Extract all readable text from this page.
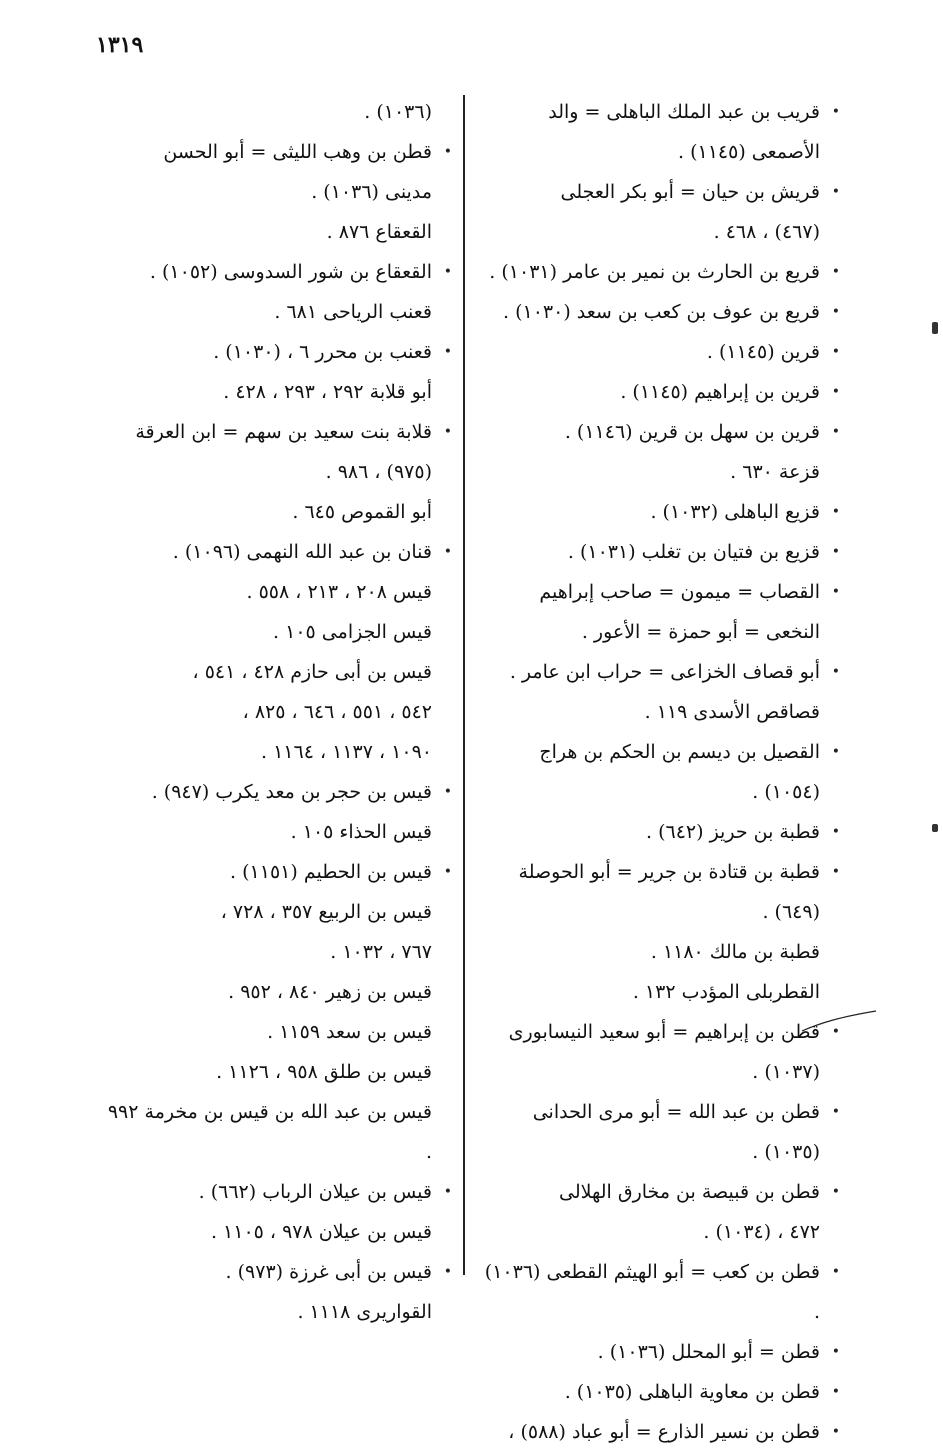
١٣١٩
•
قريب بن عبد الملك الباهلى = والد
الأصمعى (١١٤٥) .
•
قريش بن حيان = أبو بكر العجلى
(٤٦٧) ، ٤٦٨ .
•
قريع بن الحارث بن نمير بن عامر (١٠٣١) .
•
قريع بن عوف بن كعب بن سعد (١٠٣٠) .
•
قرين (١١٤٥) .
•
قرين بن إبراهيم (١١٤٥) .
•
قرين بن سهل بن قرين (١١٤٦) .
قزعة ٦٣٠ .
•
قزيع الباهلى (١٠٣٢) .
•
قزيع بن فتيان بن تغلب (١٠٣١) .
•
القصاب = ميمون = صاحب إبراهيم
النخعى = أبو حمزة = الأعور .
•
أبو قصاف الخزاعى = حراب ابن عامر .
قصاقص الأسدى ١١٩ .
•
القصيل بن ديسم بن الحكم بن هراج (١٠٥٤) .
•
قطبة بن حريز (٦٤٢) .
•
قطبة بن قتادة بن جرير = أبو الحوصلة (٦٤٩) .
قطبة بن مالك ١١٨٠ .
القطربلى المؤدب ١٣٢ .
•
قطن بن إبراهيم = أبو سعيد النيسابورى
(١٠٣٧) .
•
قطن بن عبد الله = أبو مرى الحدانى (١٠٣٥) .
•
قطن بن قبيصة بن مخارق الهلالى
٤٧٢ ، (١٠٣٤) .
•
قطن بن كعب = أبو الهيثم القطعى (١٠٣٦) .
•
قطن = أبو المحلل (١٠٣٦) .
•
قطن بن معاوية الباهلى (١٠٣٥) .
•
قطن بن نسير الذارع = أبو عباد (٥٨٨) ،
(١٠٣٦) .
•
قطن بن وهب الليثى = أبو الحسن
مدينى (١٠٣٦) .
القعقاع ٨٧٦ .
•
القعقاع بن شور السدوسى (١٠٥٢) .
قعنب الرياحى ٦٨١ .
•
قعنب بن محرر ٦ ، (١٠٣٠) .
أبو قلابة ٢٩٢ ، ٢٩٣ ، ٤٢٨ .
•
قلابة بنت سعيد بن سهم = ابن العرقة
(٩٧٥) ، ٩٨٦ .
أبو القموص ٦٤٥ .
•
قنان بن عبد الله النهمى (١٠٩٦) .
قيس ٢٠٨ ، ٢١٣ ، ٥٥٨ .
قيس الجزامى ١٠٥ .
قيس بن أبى حازم ٤٢٨ ، ٥٤١ ،
٥٤٢ ، ٥٥١ ، ٦٤٦ ، ٨٢٥ ،
١٠٩٠ ، ١١٣٧ ، ١١٦٤ .
•
قيس بن حجر بن معد يكرب (٩٤٧) .
قيس الحذاء ١٠٥ .
•
قيس بن الحطيم (١١٥١) .
قيس بن الربيع ٣٥٧ ، ٧٢٨ ،
٧٦٧ ، ١٠٣٢ .
قيس بن زهير ٨٤٠ ، ٩٥٢ .
قيس بن سعد ١١٥٩ .
قيس بن طلق ٩٥٨ ، ١١٢٦ .
قيس بن عبد الله بن قيس بن مخرمة ٩٩٢ .
•
قيس بن عيلان الرباب (٦٦٢) .
قيس بن عيلان ٩٧٨ ، ١١٠٥ .
•
قيس بن أبى غرزة (٩٧٣) .
القواريرى ١١١٨ .
